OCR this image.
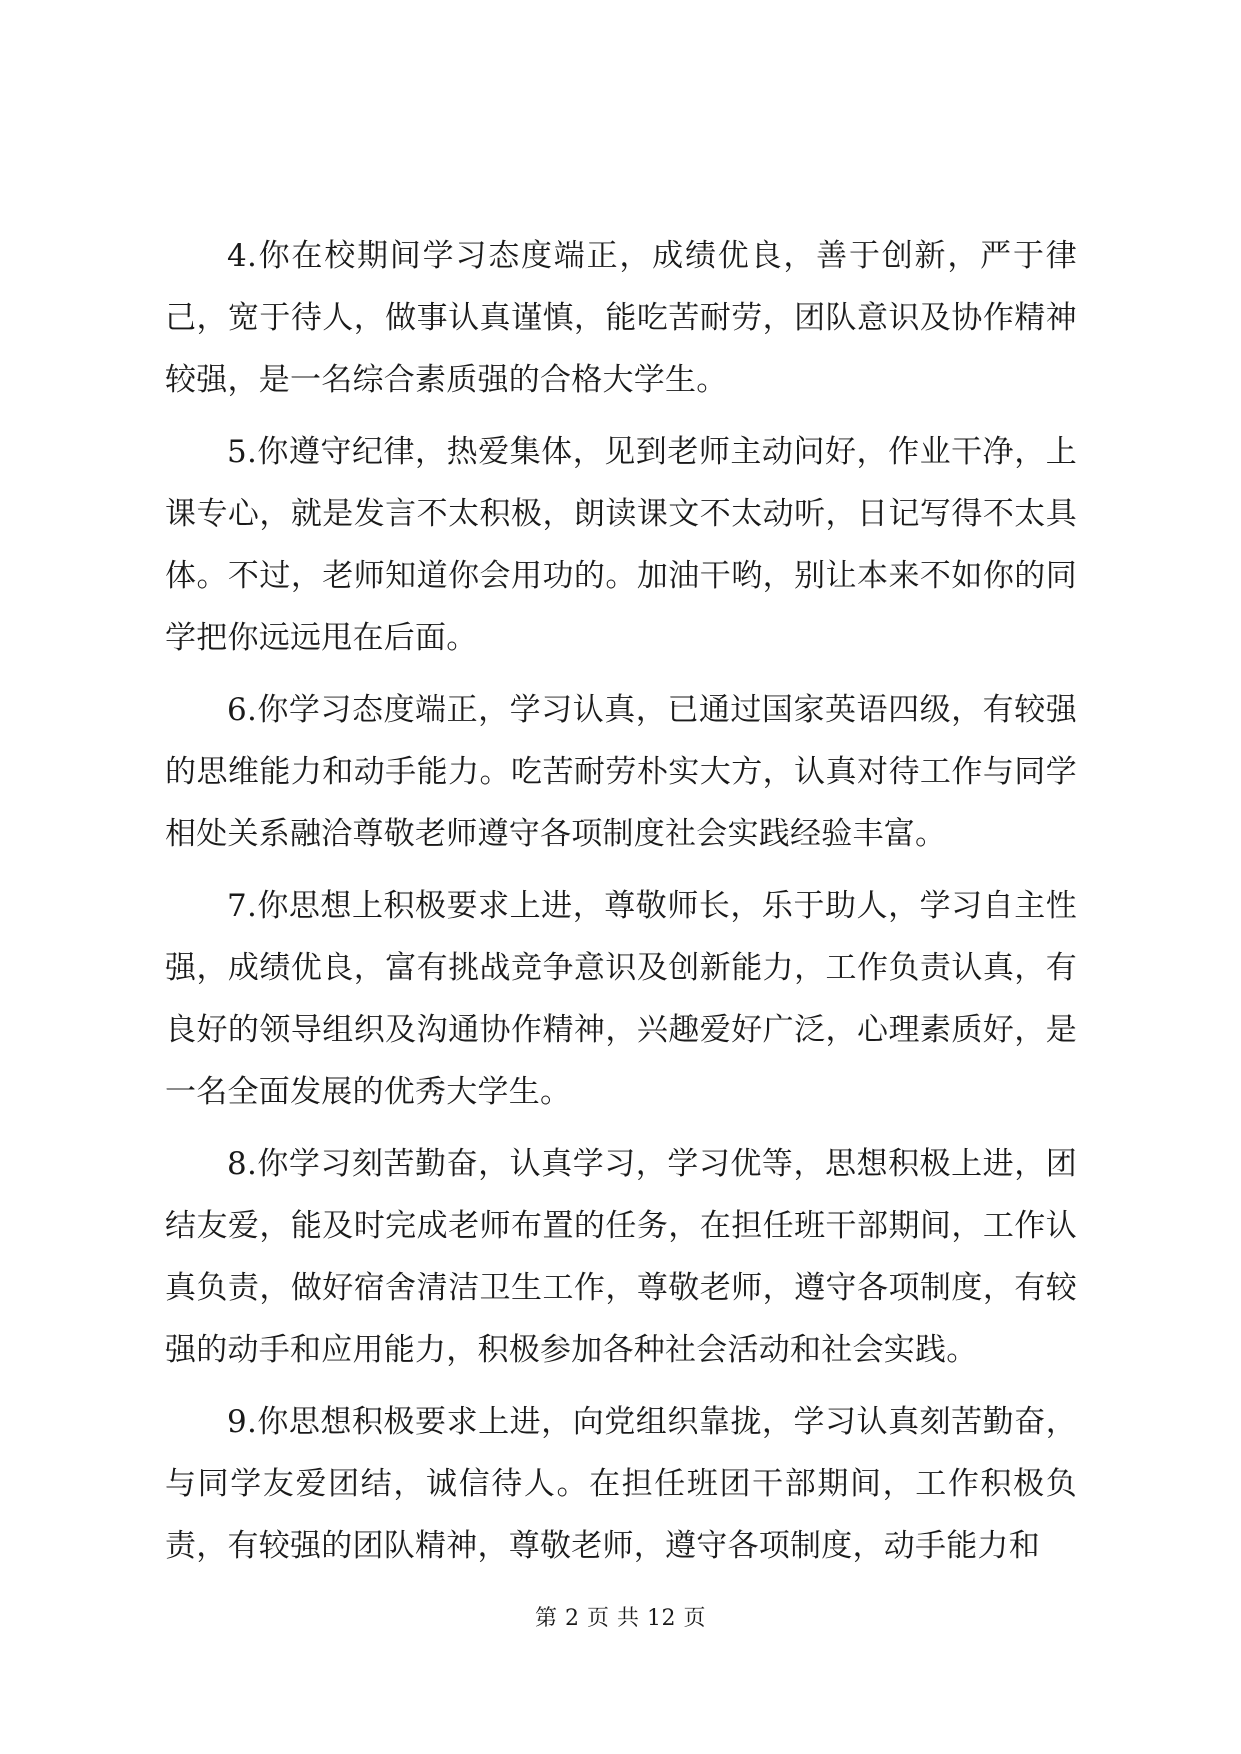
4.你在校期间学习态度端正，成绩优良，善于创新，严于律己，宽于待人，做事认真谨慎，能吃苦耐劳，团队意识及协作精神较强，是一名综合素质强的合格大学生。

5.你遵守纪律，热爱集体，见到老师主动问好，作业干净，上课专心，就是发言不太积极，朗读课文不太动听，日记写得不太具体。不过，老师知道你会用功的。加油干哟，别让本来不如你的同学把你远远甩在后面。

6.你学习态度端正，学习认真，已通过国家英语四级，有较强的思维能力和动手能力。吃苦耐劳朴实大方，认真对待工作与同学相处关系融洽尊敬老师遵守各项制度社会实践经验丰富。

7.你思想上积极要求上进，尊敬师长，乐于助人，学习自主性强，成绩优良，富有挑战竞争意识及创新能力，工作负责认真，有良好的领导组织及沟通协作精神，兴趣爱好广泛，心理素质好，是一名全面发展的优秀大学生。

8.你学习刻苦勤奋，认真学习，学习优等，思想积极上进，团结友爱，能及时完成老师布置的任务，在担任班干部期间，工作认真负责，做好宿舍清洁卫生工作，尊敬老师，遵守各项制度，有较强的动手和应用能力，积极参加各种社会活动和社会实践。

9.你思想积极要求上进，向党组织靠拢，学习认真刻苦勤奋，与同学友爱团结，诚信待人。在担任班团干部期间，工作积极负责，有较强的团队精神，尊敬老师，遵守各项制度，动手能力和

第 2 页 共 12 页
